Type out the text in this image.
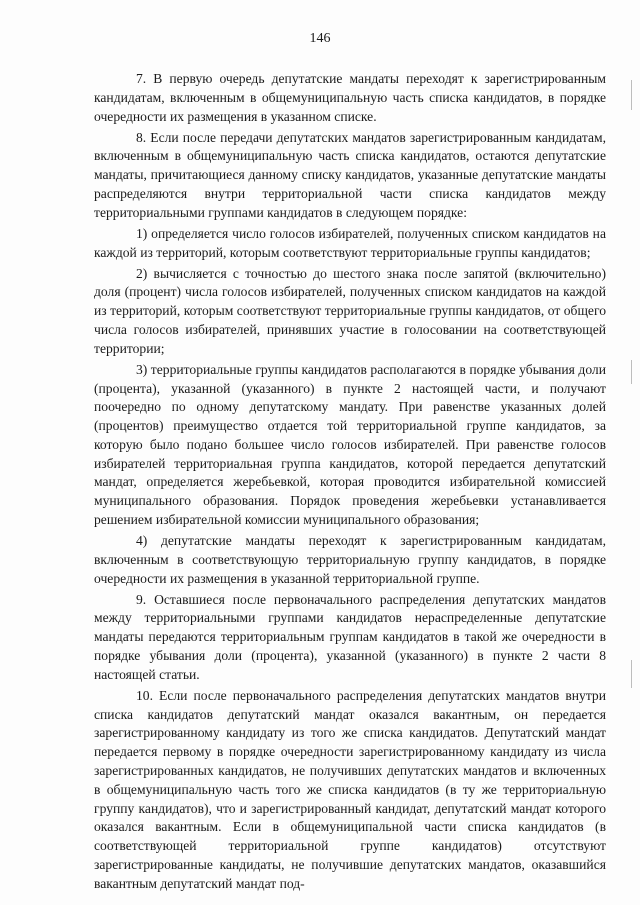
146

7. В первую очередь депутатские мандаты переходят к зарегистрированным кандидатам, включенным в общемуниципальную часть списка кандидатов, в порядке очередности их размещения в указанном списке.

8. Если после передачи депутатских мандатов зарегистрированным кандидатам, включенным в общемуниципальную часть списка кандидатов, остаются депутатские мандаты, причитающиеся данному списку кандидатов, указанные депутатские мандаты распределяются внутри территориальной части списка кандидатов между территориальными группами кандидатов в следующем порядке:

1) определяется число голосов избирателей, полученных списком кандидатов на каждой из территорий, которым соответствуют территориальные группы кандидатов;

2) вычисляется с точностью до шестого знака после запятой (включительно) доля (процент) числа голосов избирателей, полученных списком кандидатов на каждой из территорий, которым соответствуют территориальные группы кандидатов, от общего числа голосов избирателей, принявших участие в голосовании на соответствующей территории;

3) территориальные группы кандидатов располагаются в порядке убывания доли (процента), указанной (указанного) в пункте 2 настоящей части, и получают поочередно по одному депутатскому мандату. При равенстве указанных долей (процентов) преимущество отдается той территориальной группе кандидатов, за которую было подано большее число голосов избирателей. При равенстве голосов избирателей территориальная группа кандидатов, которой передается депутатский мандат, определяется жеребьевкой, которая проводится избирательной комиссией муниципального образования. Порядок проведения жеребьевки устанавливается решением избирательной комиссии муниципального образования;

4) депутатские мандаты переходят к зарегистрированным кандидатам, включенным в соответствующую территориальную группу кандидатов, в порядке очередности их размещения в указанной территориальной группе.

9. Оставшиеся после первоначального распределения депутатских мандатов между территориальными группами кандидатов нераспределенные депутатские мандаты передаются территориальным группам кандидатов в такой же очередности в порядке убывания доли (процента), указанной (указанного) в пункте 2 части 8 настоящей статьи.

10. Если после первоначального распределения депутатских мандатов внутри списка кандидатов депутатский мандат оказался вакантным, он передается зарегистрированному кандидату из того же списка кандидатов. Депутатский мандат передается первому в порядке очередности зарегистрированному кандидату из числа зарегистрированных кандидатов, не получивших депутатских мандатов и включенных в общемуниципальную часть того же списка кандидатов (в ту же территориальную группу кандидатов), что и зарегистрированный кандидат, депутатский мандат которого оказался вакантным. Если в общемуниципальной части списка кандидатов (в соответствующей территориальной группе кандидатов) отсутствуют зарегистрированные кандидаты, не получившие депутатских мандатов, оказавшийся вакантным депутатский мандат под-
